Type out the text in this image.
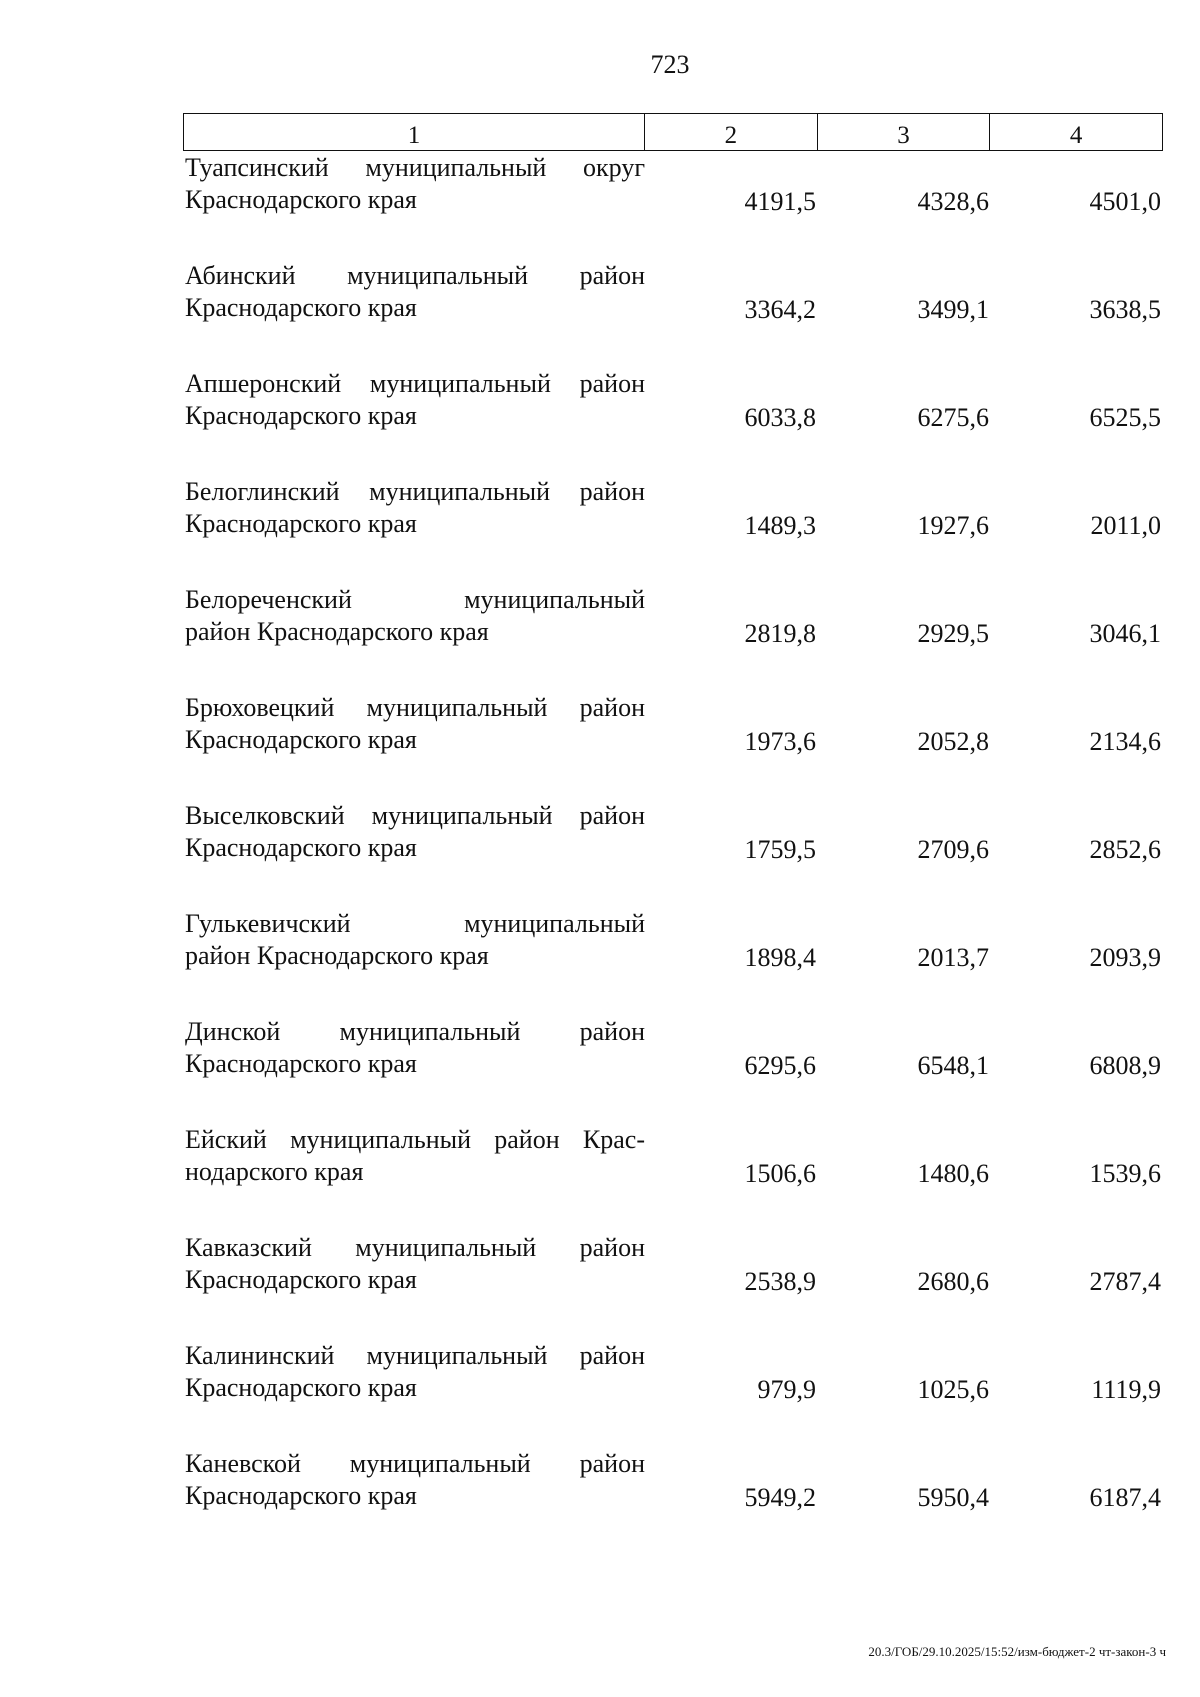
723
1	2	3	4
Туапсинский муниципальный округ
Краснодарского края	4191,5	4328,6	4501,0
Абинский муниципальный район
Краснодарского края	3364,2	3499,1	3638,5
Апшеронский муниципальный район
Краснодарского края	6033,8	6275,6	6525,5
Белоглинский муниципальный район
Краснодарского края	1489,3	1927,6	2011,0
Белореченский муниципальный
район Краснодарского края	2819,8	2929,5	3046,1
Брюховецкий муниципальный район
Краснодарского края	1973,6	2052,8	2134,6
Выселковский муниципальный район
Краснодарского края	1759,5	2709,6	2852,6
Гулькевичский муниципальный
район Краснодарского края	1898,4	2013,7	2093,9
Динской муниципальный район
Краснодарского края	6295,6	6548,1	6808,9
Ейский муниципальный район Крас-
нодарского края	1506,6	1480,6	1539,6
Кавказский муниципальный район
Краснодарского края	2538,9	2680,6	2787,4
Калининский муниципальный район
Краснодарского края	979,9	1025,6	1119,9
Каневской муниципальный район
Краснодарского края	5949,2	5950,4	6187,4
20.3/ГОБ/29.10.2025/15:52/изм-бюджет-2 чт-закон-3 ч
